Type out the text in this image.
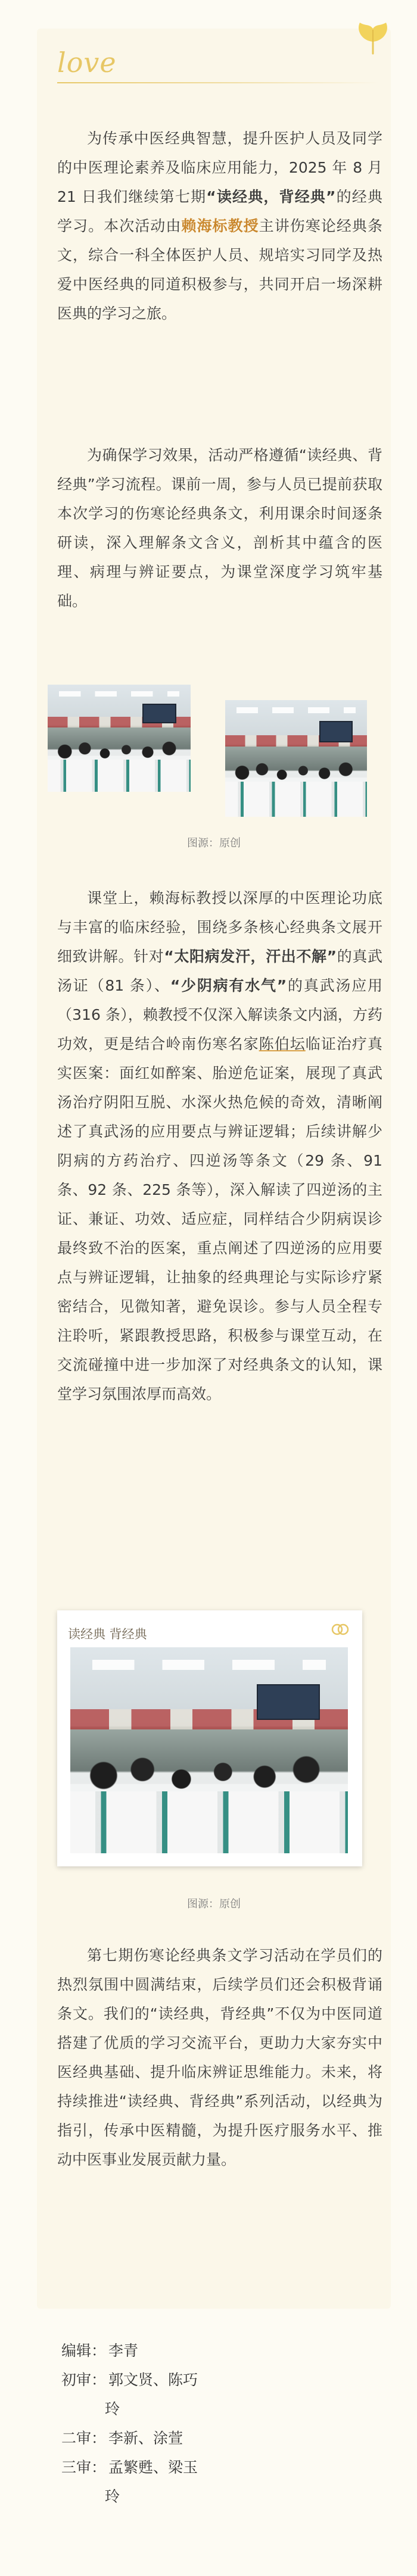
love

为传承中医经典智慧，提升医护人员及同学的中医理论素养及临床应用能力，2025 年 8 月 21 日我们继续第七期“读经典，背经典”的经典学习。本次活动由赖海标教授主讲伤寒论经典条文，综合一科全体医护人员、规培实习同学及热爱中医经典的同道积极参与，共同开启一场深耕医典的学习之旅。

为确保学习效果，活动严格遵循“读经典、背经典”学习流程。课前一周，参与人员已提前获取本次学习的伤寒论经典条文，利用课余时间逐条研读，深入理解条文含义，剖析其中蕴含的医理、病理与辨证要点，为课堂深度学习筑牢基础。

图源：原创

课堂上，赖海标教授以深厚的中医理论功底与丰富的临床经验，围绕多条核心经典条文展开细致讲解。针对“太阳病发汗，汗出不解”的真武汤证（81 条）、“少阴病有水气”的真武汤应用（316 条），赖教授不仅深入解读条文内涵，方药功效，更是结合岭南伤寒名家陈伯坛临证治疗真实医案：面红如醉案、胎逆危证案，展现了真武汤治疗阴阳互脱、水深火热危候的奇效，清晰阐述了真武汤的应用要点与辨证逻辑；后续讲解少阴病的方药治疗、四逆汤等条文（29 条、91 条、92 条、225 条等），深入解读了四逆汤的主证、兼证、功效、适应症，同样结合少阴病误诊最终致不治的医案，重点阐述了四逆汤的应用要点与辨证逻辑，让抽象的经典理论与实际诊疗紧密结合，见微知著，避免误诊。参与人员全程专注聆听，紧跟教授思路，积极参与课堂互动，在交流碰撞中进一步加深了对经典条文的认知，课堂学习氛围浓厚而高效。

读经典 背经典
图源：原创

第七期伤寒论经典条文学习活动在学员们的热烈氛围中圆满结束，后续学员们还会积极背诵条文。我们的“读经典，背经典”不仅为中医同道搭建了优质的学习交流平台，更助力大家夯实中医经典基础、提升临床辨证思维能力。未来，将持续推进“读经典、背经典”系列活动，以经典为指引，传承中医精髓，为提升医疗服务水平、推动中医事业发展贡献力量。

编辑： 李青
初审： 郭文贤、陈巧
玲
二审： 李新、涂萱
三审： 孟繁甦、梁玉
玲
